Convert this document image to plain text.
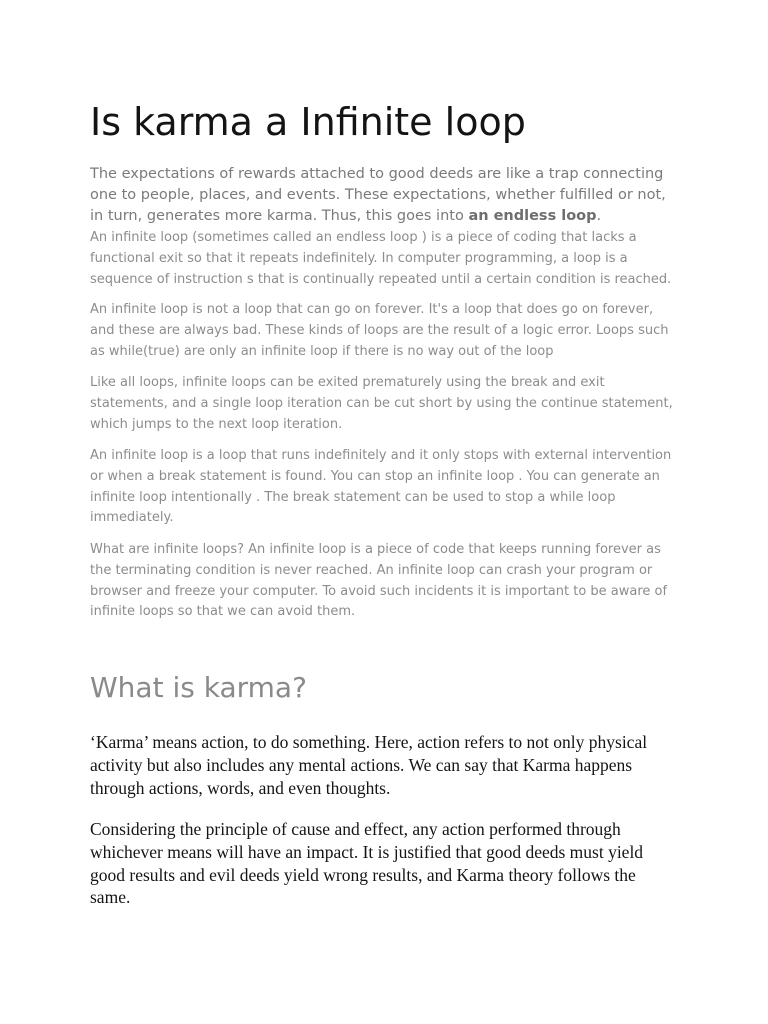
Is karma a Infinite loop

The expectations of rewards attached to good deeds are like a trap connecting one to people, places, and events. These expectations, whether fulfilled or not, in turn, generates more karma. Thus, this goes into an endless loop.

An infinite loop (sometimes called an endless loop ) is a piece of coding that lacks a functional exit so that it repeats indefinitely. In computer programming, a loop is a sequence of instruction s that is continually repeated until a certain condition is reached.

An infinite loop is not a loop that can go on forever. It's a loop that does go on forever, and these are always bad. These kinds of loops are the result of a logic error. Loops such as while(true) are only an infinite loop if there is no way out of the loop

Like all loops, infinite loops can be exited prematurely using the break and exit statements, and a single loop iteration can be cut short by using the continue statement, which jumps to the next loop iteration.

An infinite loop is a loop that runs indefinitely and it only stops with external intervention or when a break statement is found. You can stop an infinite loop . You can generate an infinite loop intentionally . The break statement can be used to stop a while loop immediately.

What are infinite loops? An infinite loop is a piece of code that keeps running forever as the terminating condition is never reached. An infinite loop can crash your program or browser and freeze your computer. To avoid such incidents it is important to be aware of infinite loops so that we can avoid them.

What is karma?

‘Karma’ means action, to do something. Here, action refers to not only physical activity but also includes any mental actions. We can say that Karma happens through actions, words, and even thoughts.

Considering the principle of cause and effect, any action performed through whichever means will have an impact. It is justified that good deeds must yield good results and evil deeds yield wrong results, and Karma theory follows the same.
